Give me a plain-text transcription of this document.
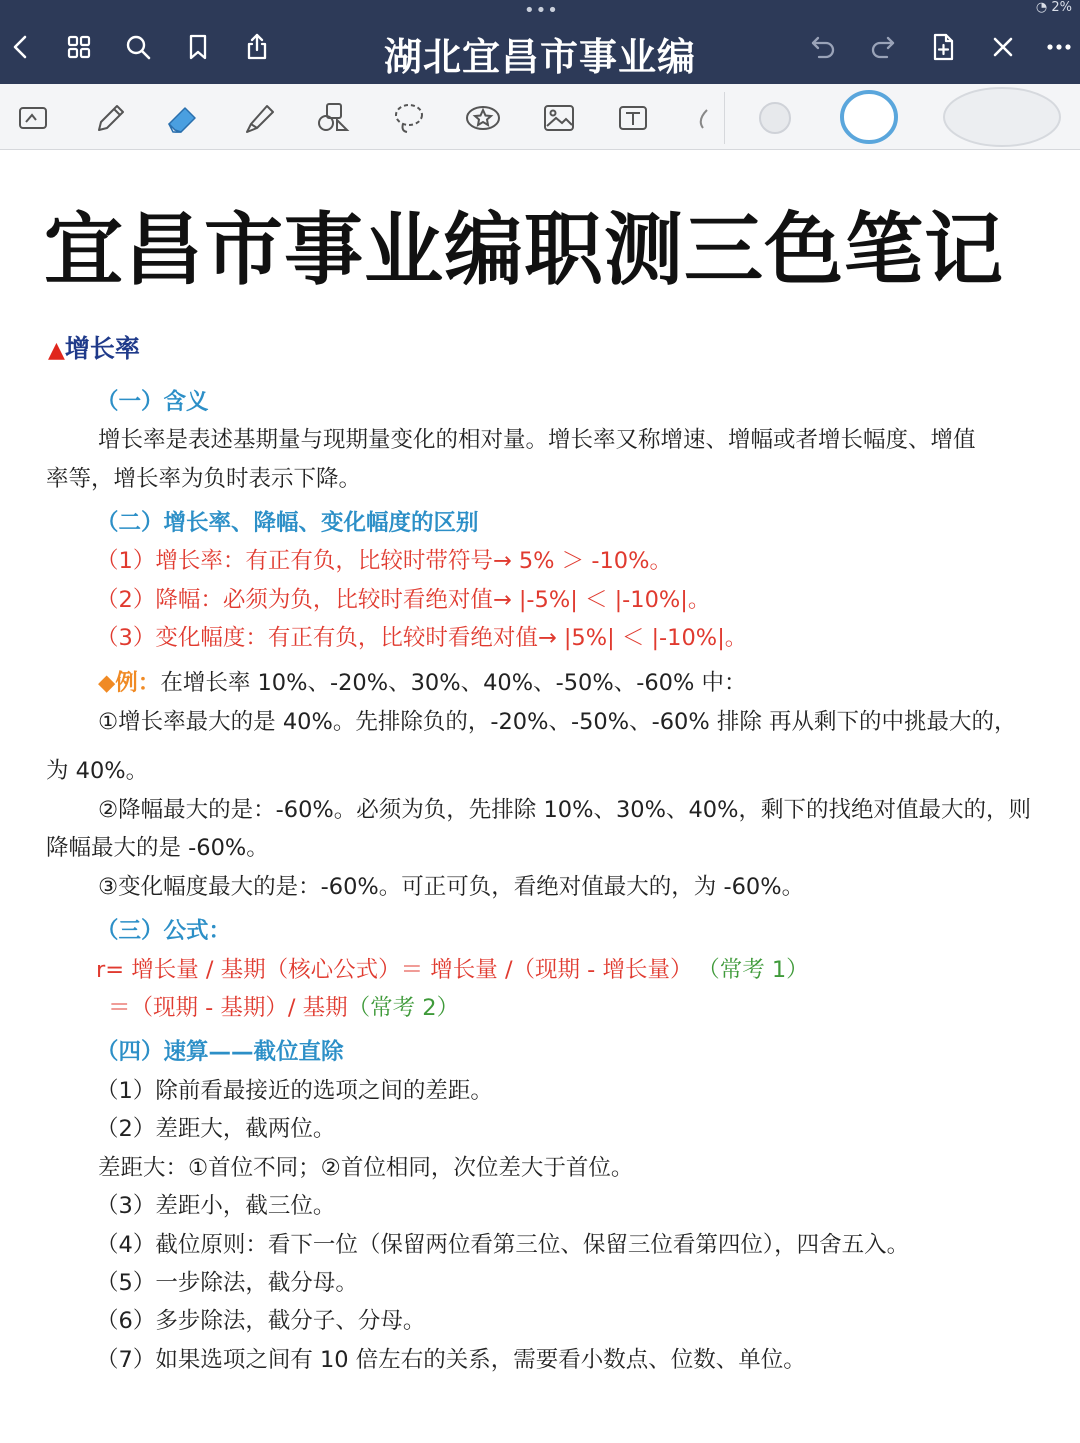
•••	◔ 2%
湖北宜昌市事业编
宜昌市事业编职测三色笔记
▲增长率
（一）含义
增长率是表述基期量与现期量变化的相对量。增长率又称增速、增幅或者增长幅度、增值
率等，增长率为负时表示下降。
（二）增长率、降幅、变化幅度的区别
（1）增长率：有正有负，比较时带符号→ 5% ＞ -10%。
（2）降幅：必须为负，比较时看绝对值→ |-5%| ＜ |-10%|。
（3）变化幅度：有正有负，比较时看绝对值→ |5%| ＜ |-10%|。
◆例：在增长率 10%、-20%、30%、40%、-50%、-60% 中：
①增长率最大的是 40%。先排除负的，-20%、-50%、-60% 排除 再从剩下的中挑最大的，
为 40%。
②降幅最大的是：-60%。必须为负，先排除 10%、30%、40%，剩下的找绝对值最大的，则
降幅最大的是 -60%。
③变化幅度最大的是：-60%。可正可负，看绝对值最大的，为 -60%。
（三）公式：
r= 增长量 / 基期（核心公式）＝ 增长量 /（现期 - 增长量） （常考 1）
＝（现期 - 基期）/ 基期（常考 2）
（四）速算——截位直除
（1）除前看最接近的选项之间的差距。
（2）差距大，截两位。
差距大：①首位不同；②首位相同，次位差大于首位。
（3）差距小，截三位。
（4）截位原则：看下一位（保留两位看第三位、保留三位看第四位），四舍五入。
（5）一步除法，截分母。
（6）多步除法，截分子、分母。
（7）如果选项之间有 10 倍左右的关系，需要看小数点、位数、单位。
